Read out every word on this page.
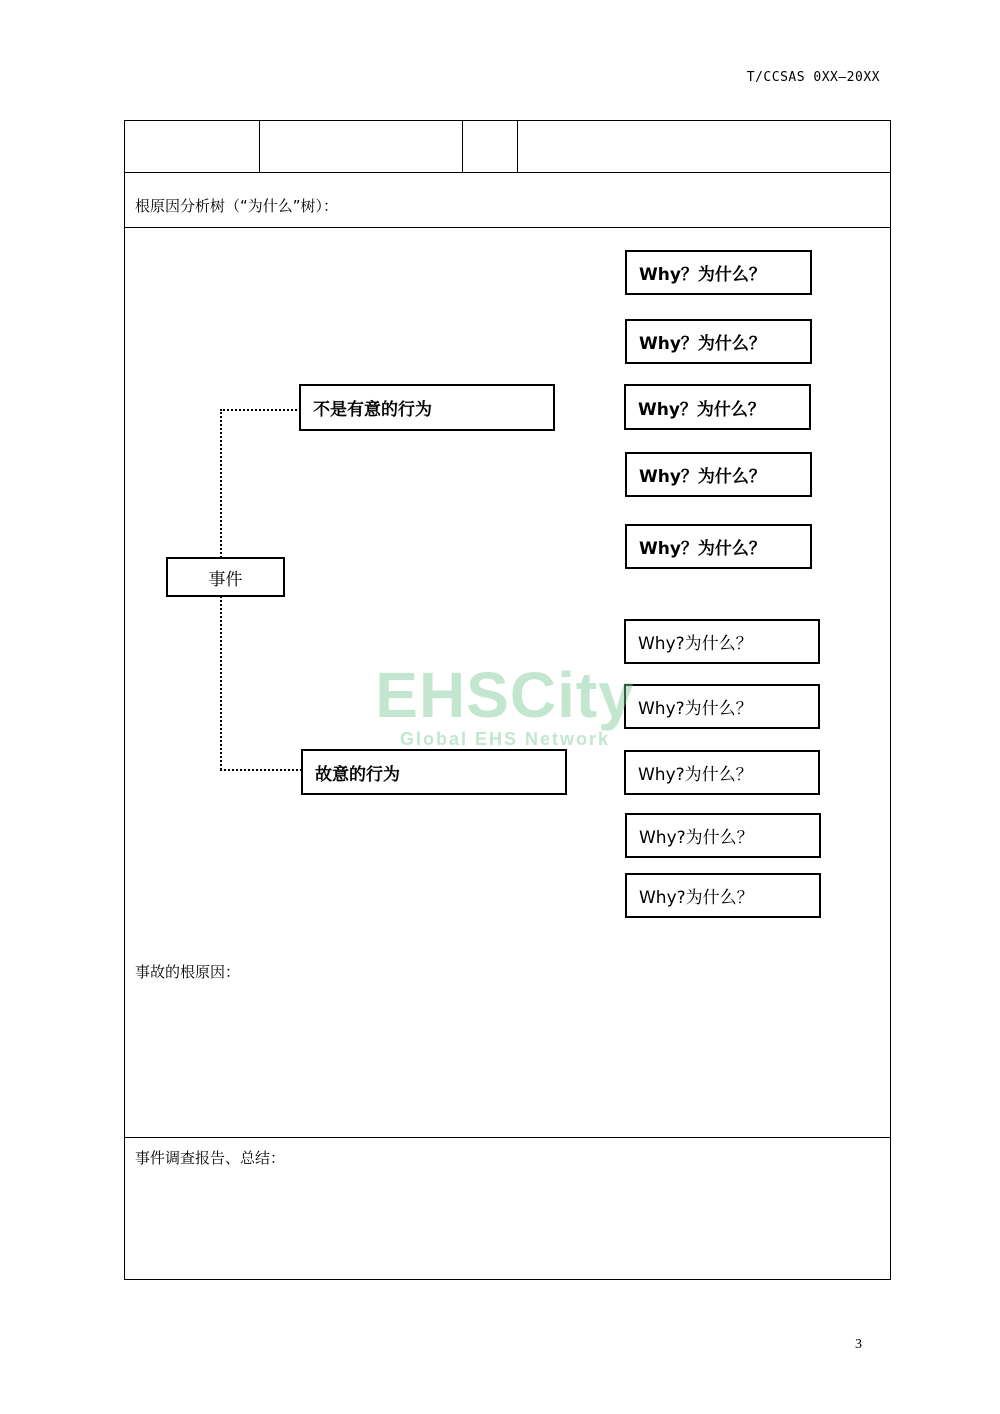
T/CCSAS 0XX—20XX
根原因分析树（“为什么”树）：
事故的根原因：
事件调查报告、总结：
事件
不是有意的行为
故意的行为
Why？为什么？
Why？为什么？
Why？为什么？
Why？为什么？
Why？为什么？
Why?为什么？
Why?为什么？
Why?为什么？
Why?为什么？
Why?为什么？
EHSCity
Global EHS Network
3
